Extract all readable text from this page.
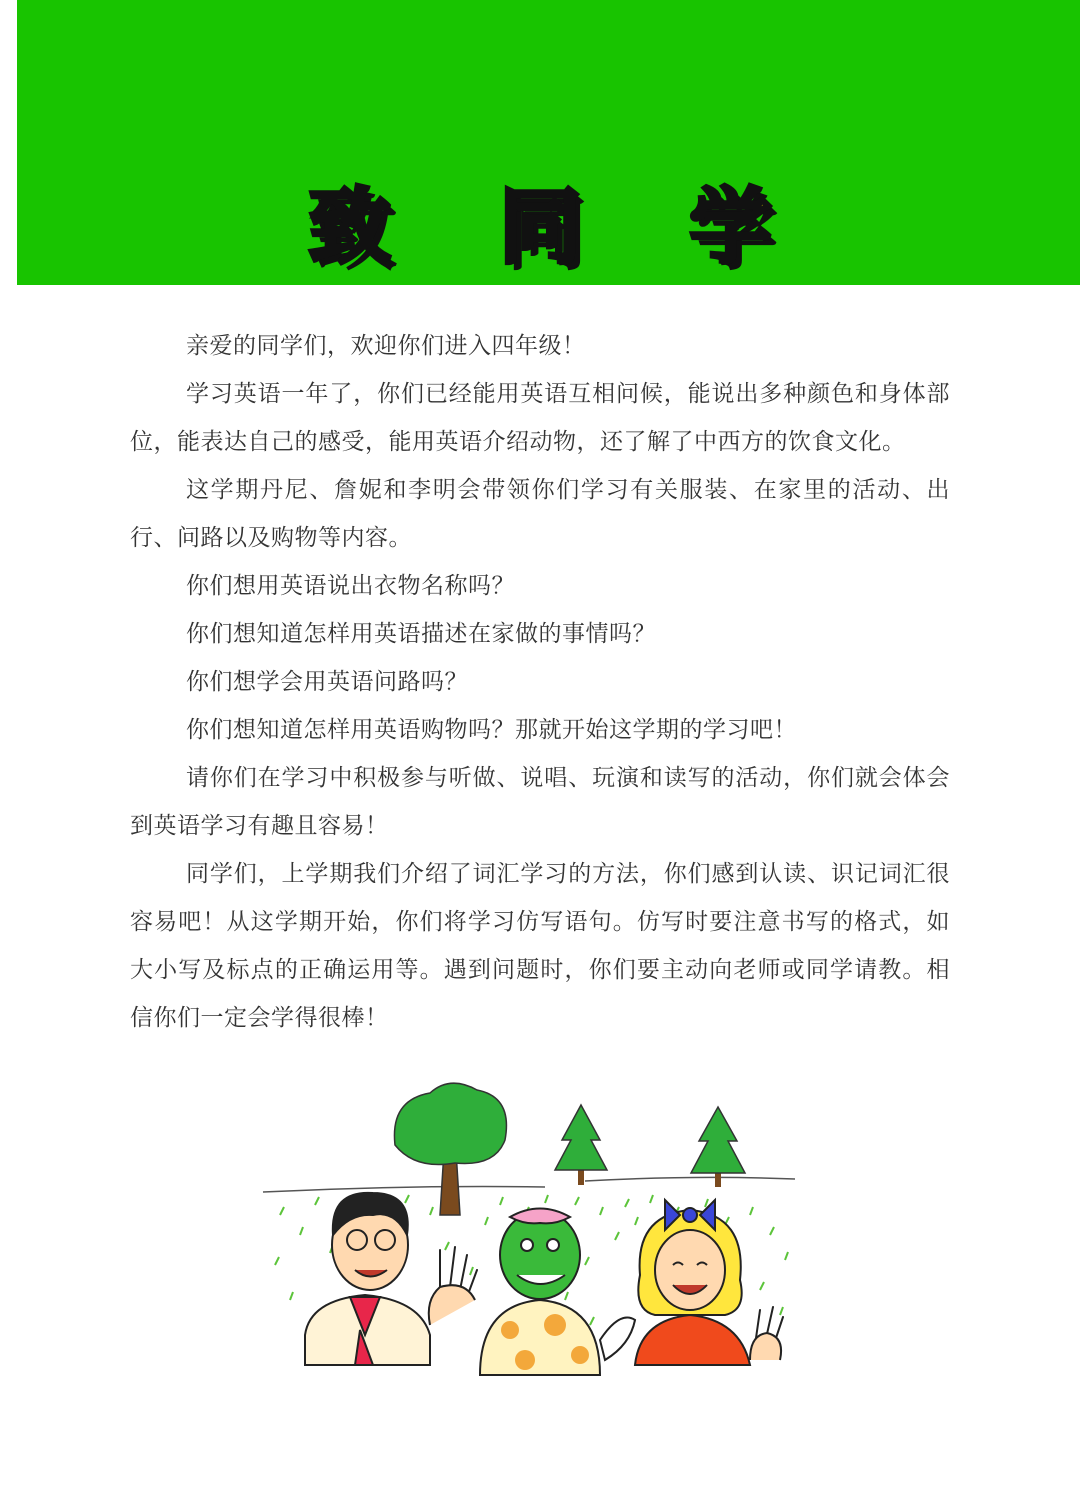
致 同 学

亲爱的同学们，欢迎你们进入四年级！

学习英语一年了，你们已经能用英语互相问候，能说出多种颜色和身体部位，能表达自己的感受，能用英语介绍动物，还了解了中西方的饮食文化。

这学期丹尼、詹妮和李明会带领你们学习有关服装、在家里的活动、出行、问路以及购物等内容。

你们想用英语说出衣物名称吗？

你们想知道怎样用英语描述在家做的事情吗？

你们想学会用英语问路吗？

你们想知道怎样用英语购物吗？那就开始这学期的学习吧！

请你们在学习中积极参与听做、说唱、玩演和读写的活动，你们就会体会到英语学习有趣且容易！

同学们，上学期我们介绍了词汇学习的方法，你们感到认读、识记词汇很容易吧！从这学期开始，你们将学习仿写语句。仿写时要注意书写的格式，如大小写及标点的正确运用等。遇到问题时，你们要主动向老师或同学请教。相信你们一定会学得很棒！
